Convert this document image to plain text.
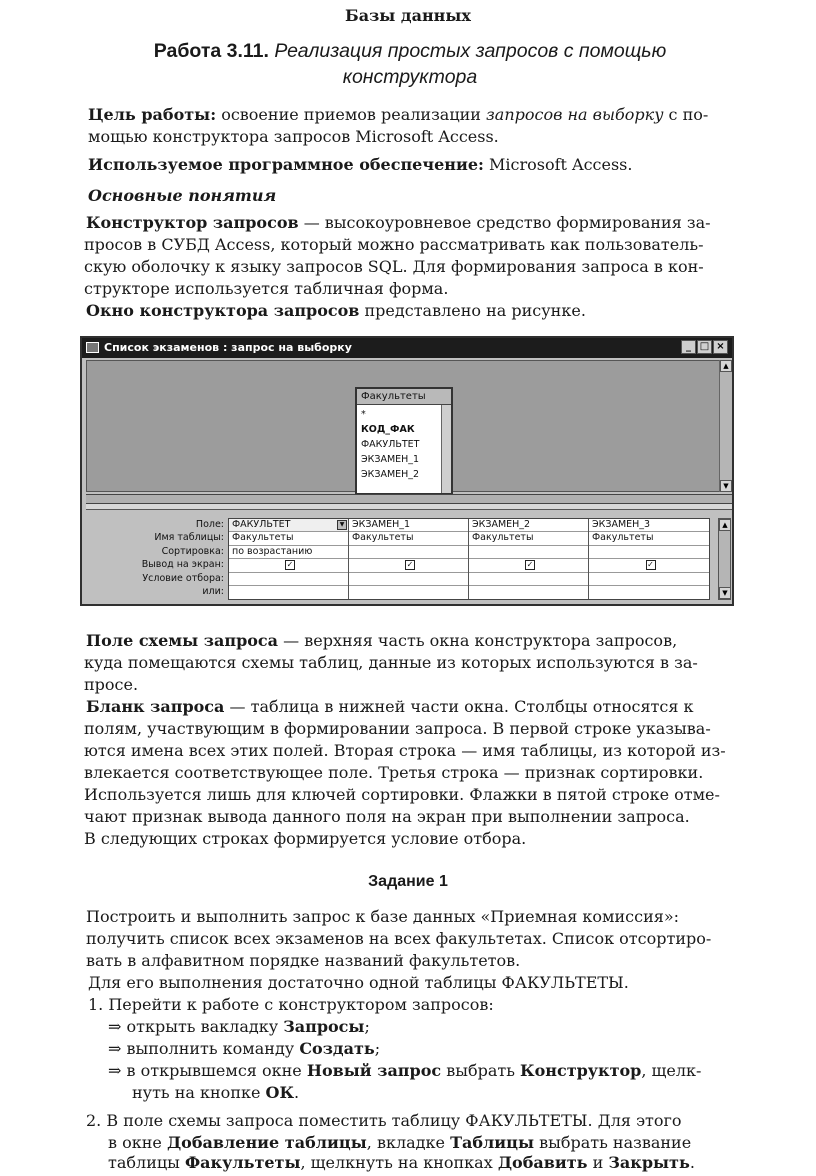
Базы данных
Работа 3.11. Реализация простых запросов с помощью
конструктора
Цель работы: освоение приемов реализации запросов на выборку с по-
мощью конструктора запросов Microsoft Access.
Используемое программное обеспечение: Microsoft Access.
Основные понятия
Конструктор запросов — высокоуровневое средство формирования за-
просов в СУБД Access, который можно рассматривать как пользователь-
скую оболочку к языку запросов SQL. Для формирования запроса в кон-
структоре используется табличная форма.
Окно конструктора запросов представлено на рисунке.
Список экзаменов : запрос на выборку	_ □ ×
Факультеты
*
КОД_ФАК
ФАКУЛЬТЕТ
ЭКЗАМЕН_1
ЭКЗАМЕН_2
▲
▼
Поле:
Имя таблицы:
Сортировка:
Вывод на экран:
Условие отбора:
или:
ФАКУЛЬТЕТ	▼
Факультеты
по возрастанию
✓
ЭКЗАМЕН_1
Факультеты
✓
ЭКЗАМЕН_2
Факультеты
✓
ЭКЗАМЕН_3
Факультеты
✓
▲
▼
Поле схемы запроса — верхняя часть окна конструктора запросов,
куда помещаются схемы таблиц, данные из которых используются в за-
просе.
Бланк запроса — таблица в нижней части окна. Столбцы относятся к
полям, участвующим в формировании запроса. В первой строке указыва-
ются имена всех этих полей. Вторая строка — имя таблицы, из которой из-
влекается соответствующее поле. Третья строка — признак сортировки.
Используется лишь для ключей сортировки. Флажки в пятой строке отме-
чают признак вывода данного поля на экран при выполнении запроса.
В следующих строках формируется условие отбора.
Задание 1
Построить и выполнить запрос к базе данных «Приемная комиссия»:
получить список всех экзаменов на всех факультетах. Список отсортиро-
вать в алфавитном порядке названий факультетов.
Для его выполнения достаточно одной таблицы ФАКУЛЬТЕТЫ.
1. Перейти к работе с конструктором запросов:
⇒ открыть вакладку Запросы;
⇒ выполнить команду Создать;
⇒ в открывшемся окне Новый запрос выбрать Конструктор, щелк-
нуть на кнопке ОК.
2. В поле схемы запроса поместить таблицу ФАКУЛЬТЕТЫ. Для этого
в окне Добавление таблицы, вкладке Таблицы выбрать название
таблицы Факультеты, щелкнуть на кнопках Добавить и Закрыть.
